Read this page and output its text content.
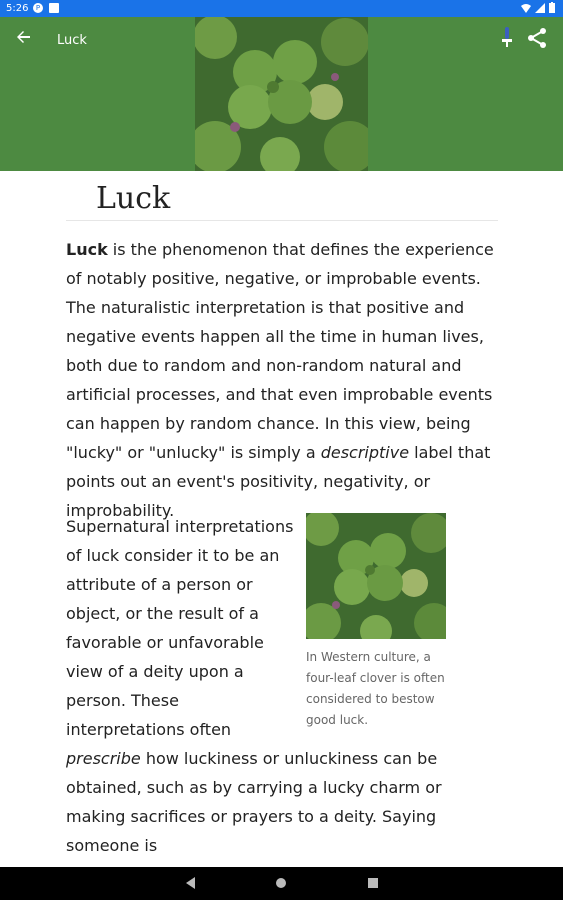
5:26	P
Luck
Luck
Luck is the phenomenon that defines the experience of notably positive, negative, or improbable events. The naturalistic interpretation is that positive and negative events happen all the time in human lives, both due to random and non-random natural and artificial processes, and that even improbable events can happen by random chance. In this view, being "lucky" or "unlucky" is simply a descriptive label that points out an event's positivity, negativity, or improbability.
In Western culture, a four-leaf clover is often considered to bestow good luck.
Supernatural interpretations of luck consider it to be an attribute of a person or object, or the result of a favorable or unfavorable view of a deity upon a person. These interpretations often prescribe how luckiness or unluckiness can be obtained, such as by carrying a lucky charm or making sacrifices or prayers to a deity. Saying someone is
